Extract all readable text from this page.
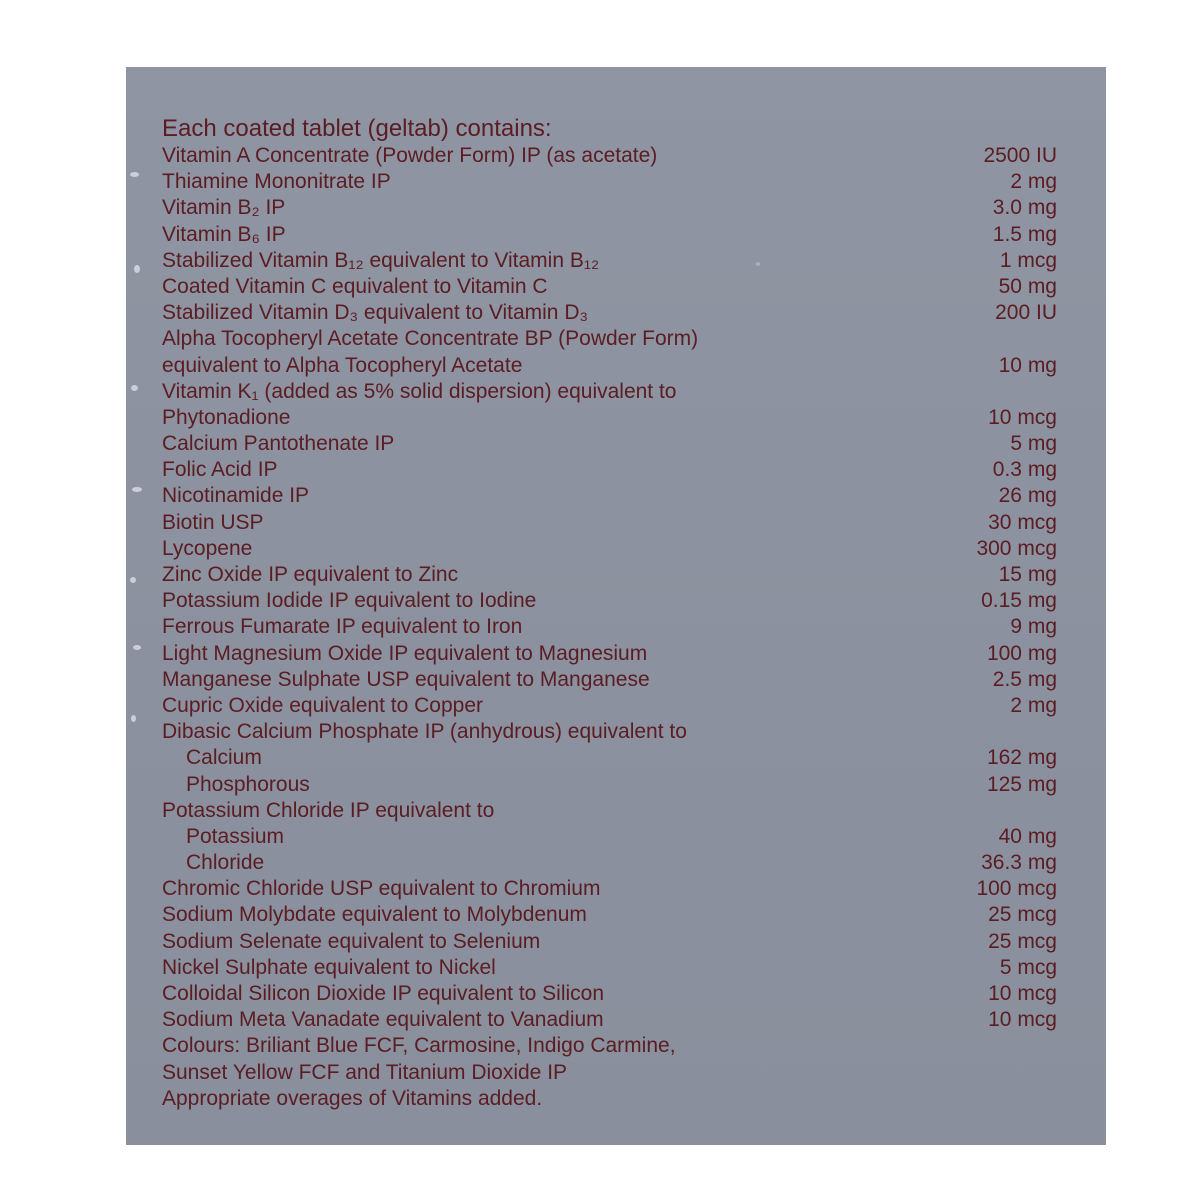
Each coated tablet (geltab) contains:
Vitamin A Concentrate (Powder Form) IP (as acetate)	2500 IU
Thiamine Mononitrate IP	2 mg
Vitamin B₂ IP	3.0 mg
Vitamin B₆ IP	1.5 mg
Stabilized Vitamin B₁₂ equivalent to Vitamin B₁₂	1 mcg
Coated Vitamin C equivalent to Vitamin C	50 mg
Stabilized Vitamin D₃ equivalent to Vitamin D₃	200 IU
Alpha Tocopheryl Acetate Concentrate BP (Powder Form)
equivalent to Alpha Tocopheryl Acetate	10 mg
Vitamin K₁ (added as 5% solid dispersion) equivalent to
Phytonadione	10 mcg
Calcium Pantothenate IP	5 mg
Folic Acid IP	0.3 mg
Nicotinamide IP	26 mg
Biotin USP	30 mcg
Lycopene	300 mcg
Zinc Oxide IP equivalent to Zinc	15 mg
Potassium Iodide IP equivalent to Iodine	0.15 mg
Ferrous Fumarate IP equivalent to Iron	9 mg
Light Magnesium Oxide IP equivalent to Magnesium	100 mg
Manganese Sulphate USP equivalent to Manganese	2.5 mg
Cupric Oxide equivalent to Copper	2 mg
Dibasic Calcium Phosphate IP (anhydrous) equivalent to
Calcium	162 mg
Phosphorous	125 mg
Potassium Chloride IP equivalent to
Potassium	40 mg
Chloride	36.3 mg
Chromic Chloride USP equivalent to Chromium	100 mcg
Sodium Molybdate equivalent to Molybdenum	25 mcg
Sodium Selenate equivalent to Selenium	25 mcg
Nickel Sulphate equivalent to Nickel	5 mcg
Colloidal Silicon Dioxide IP equivalent to Silicon	10 mcg
Sodium Meta Vanadate equivalent to Vanadium	10 mcg
Colours: Briliant Blue FCF, Carmosine, Indigo Carmine,
Sunset Yellow FCF and Titanium Dioxide IP
Appropriate overages of Vitamins added.
